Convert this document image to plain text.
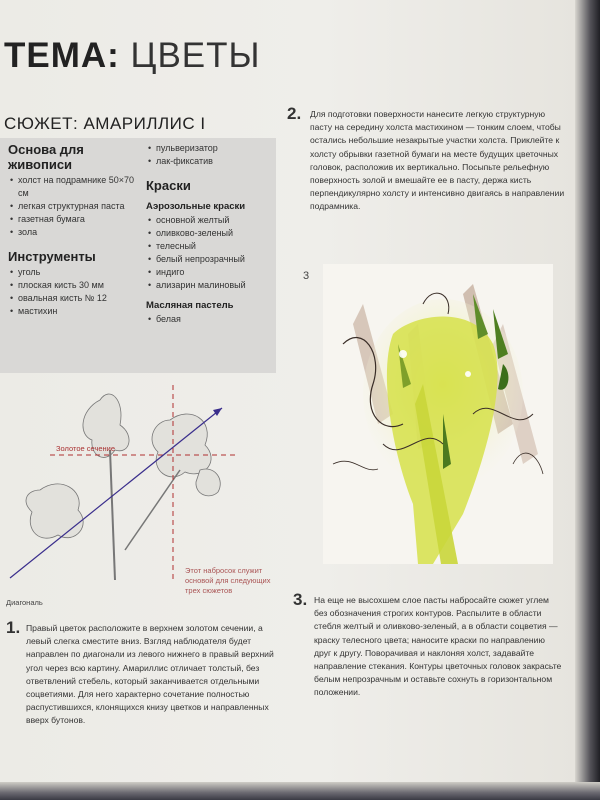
ТЕМА: ЦВЕТЫ
СЮЖЕТ: АМАРИЛЛИС I
Основа для живописи
• холст на подрамнике 50×70 см
• легкая структурная паста
• газетная бумага
• зола
Инструменты
• уголь
• плоская кисть 30 мм
• овальная кисть № 12
• мастихин
• пульверизатор
• лак-фиксатив
Краски
Аэрозольные краски
• основной желтый
• оливково-зеленый
• телесный
• белый непрозрачный
• индиго
• ализарин малиновый
Масляная пастель
• белая
2. Для подготовки поверхности нанесите легкую структурную пасту на середину холста мастихином — тонким слоем, чтобы остались небольшие незакрытые участки холста. Приклейте к холсту обрывки газетной бумаги на месте будущих цветочных головок, расположив их вертикально. Посыпьте рельефную поверхность золой и вмешайте ее в пасту, держа кисть перпендикулярно холсту и интенсивно двигаясь в направлении подрамника.
3
Золотое сечение
Диагональ
Этот набросок служит основой для следующих трех сюжетов
1. Правый цветок расположите в верхнем золотом сечении, а левый слегка сместите вниз. Взгляд наблюдателя будет направлен по диагонали из левого нижнего в правый верхний угол через всю картину. Амариллис отличает толстый, без ответвлений стебель, который заканчивается отдельными соцветиями. Для него характерно сочетание полностью распустившихся, клонящихся книзу цветков и направленных вверх бутонов.
3. На еще не высохшем слое пасты набросайте сюжет углем без обозначения строгих контуров. Распылите в области стебля желтый и оливково-зеленый, а в области соцветия — краску телесного цвета; наносите краски по направлению друг к другу. Поворачивая и наклоняя холст, задавайте направление стекания. Контуры цветочных головок закрасьте белым непрозрачным и оставьте сохнуть в горизонтальном положении.
